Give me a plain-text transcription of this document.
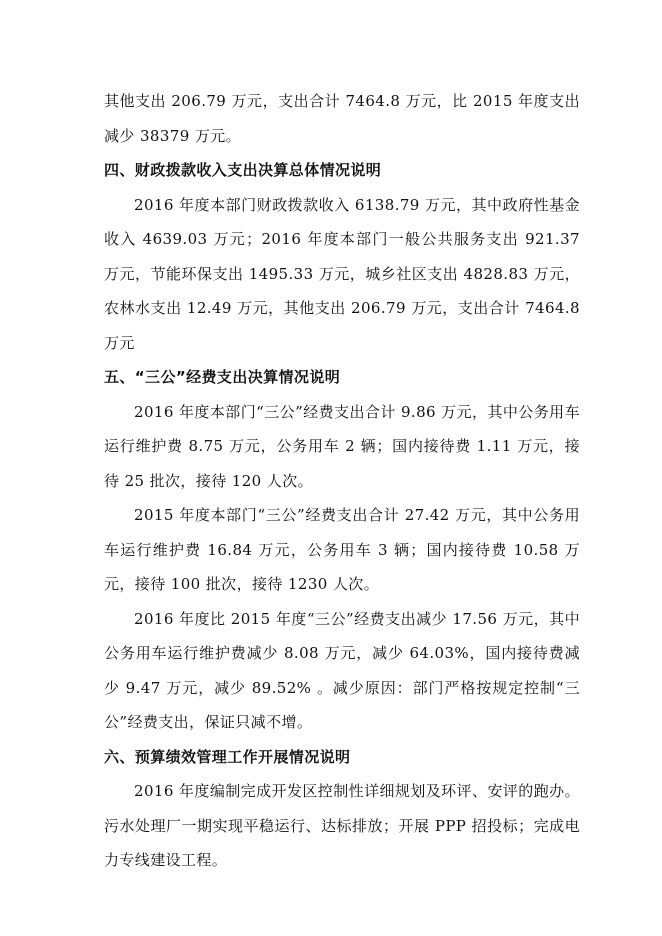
其他支出 206.79 万元，支出合计 7464.8 万元，比 2015 年度支出减少 38379 万元。

四、财政拨款收入支出决算总体情况说明

2016 年度本部门财政拨款收入 6138.79 万元，其中政府性基金收入 4639.03 万元；2016 年度本部门一般公共服务支出 921.37 万元，节能环保支出 1495.33 万元，城乡社区支出 4828.83 万元，农林水支出 12.49 万元，其他支出 206.79 万元，支出合计 7464.8 万元

五、“三公”经费支出决算情况说明

2016 年度本部门“三公”经费支出合计 9.86 万元，其中公务用车运行维护费 8.75 万元，公务用车 2 辆；国内接待费 1.11 万元，接待 25 批次，接待 120 人次。

2015 年度本部门“三公”经费支出合计 27.42 万元，其中公务用车运行维护费 16.84 万元，公务用车 3 辆；国内接待费 10.58 万元，接待 100 批次，接待 1230 人次。

2016 年度比 2015 年度“三公”经费支出减少 17.56 万元，其中公务用车运行维护费减少 8.08 万元，减少 64.03%，国内接待费减少 9.47 万元，减少 89.52% 。减少原因：部门严格按规定控制“三公”经费支出，保证只减不增。

六、预算绩效管理工作开展情况说明

2016 年度编制完成开发区控制性详细规划及环评、安评的跑办。污水处理厂一期实现平稳运行、达标排放；开展 PPP 招投标；完成电力专线建设工程。
